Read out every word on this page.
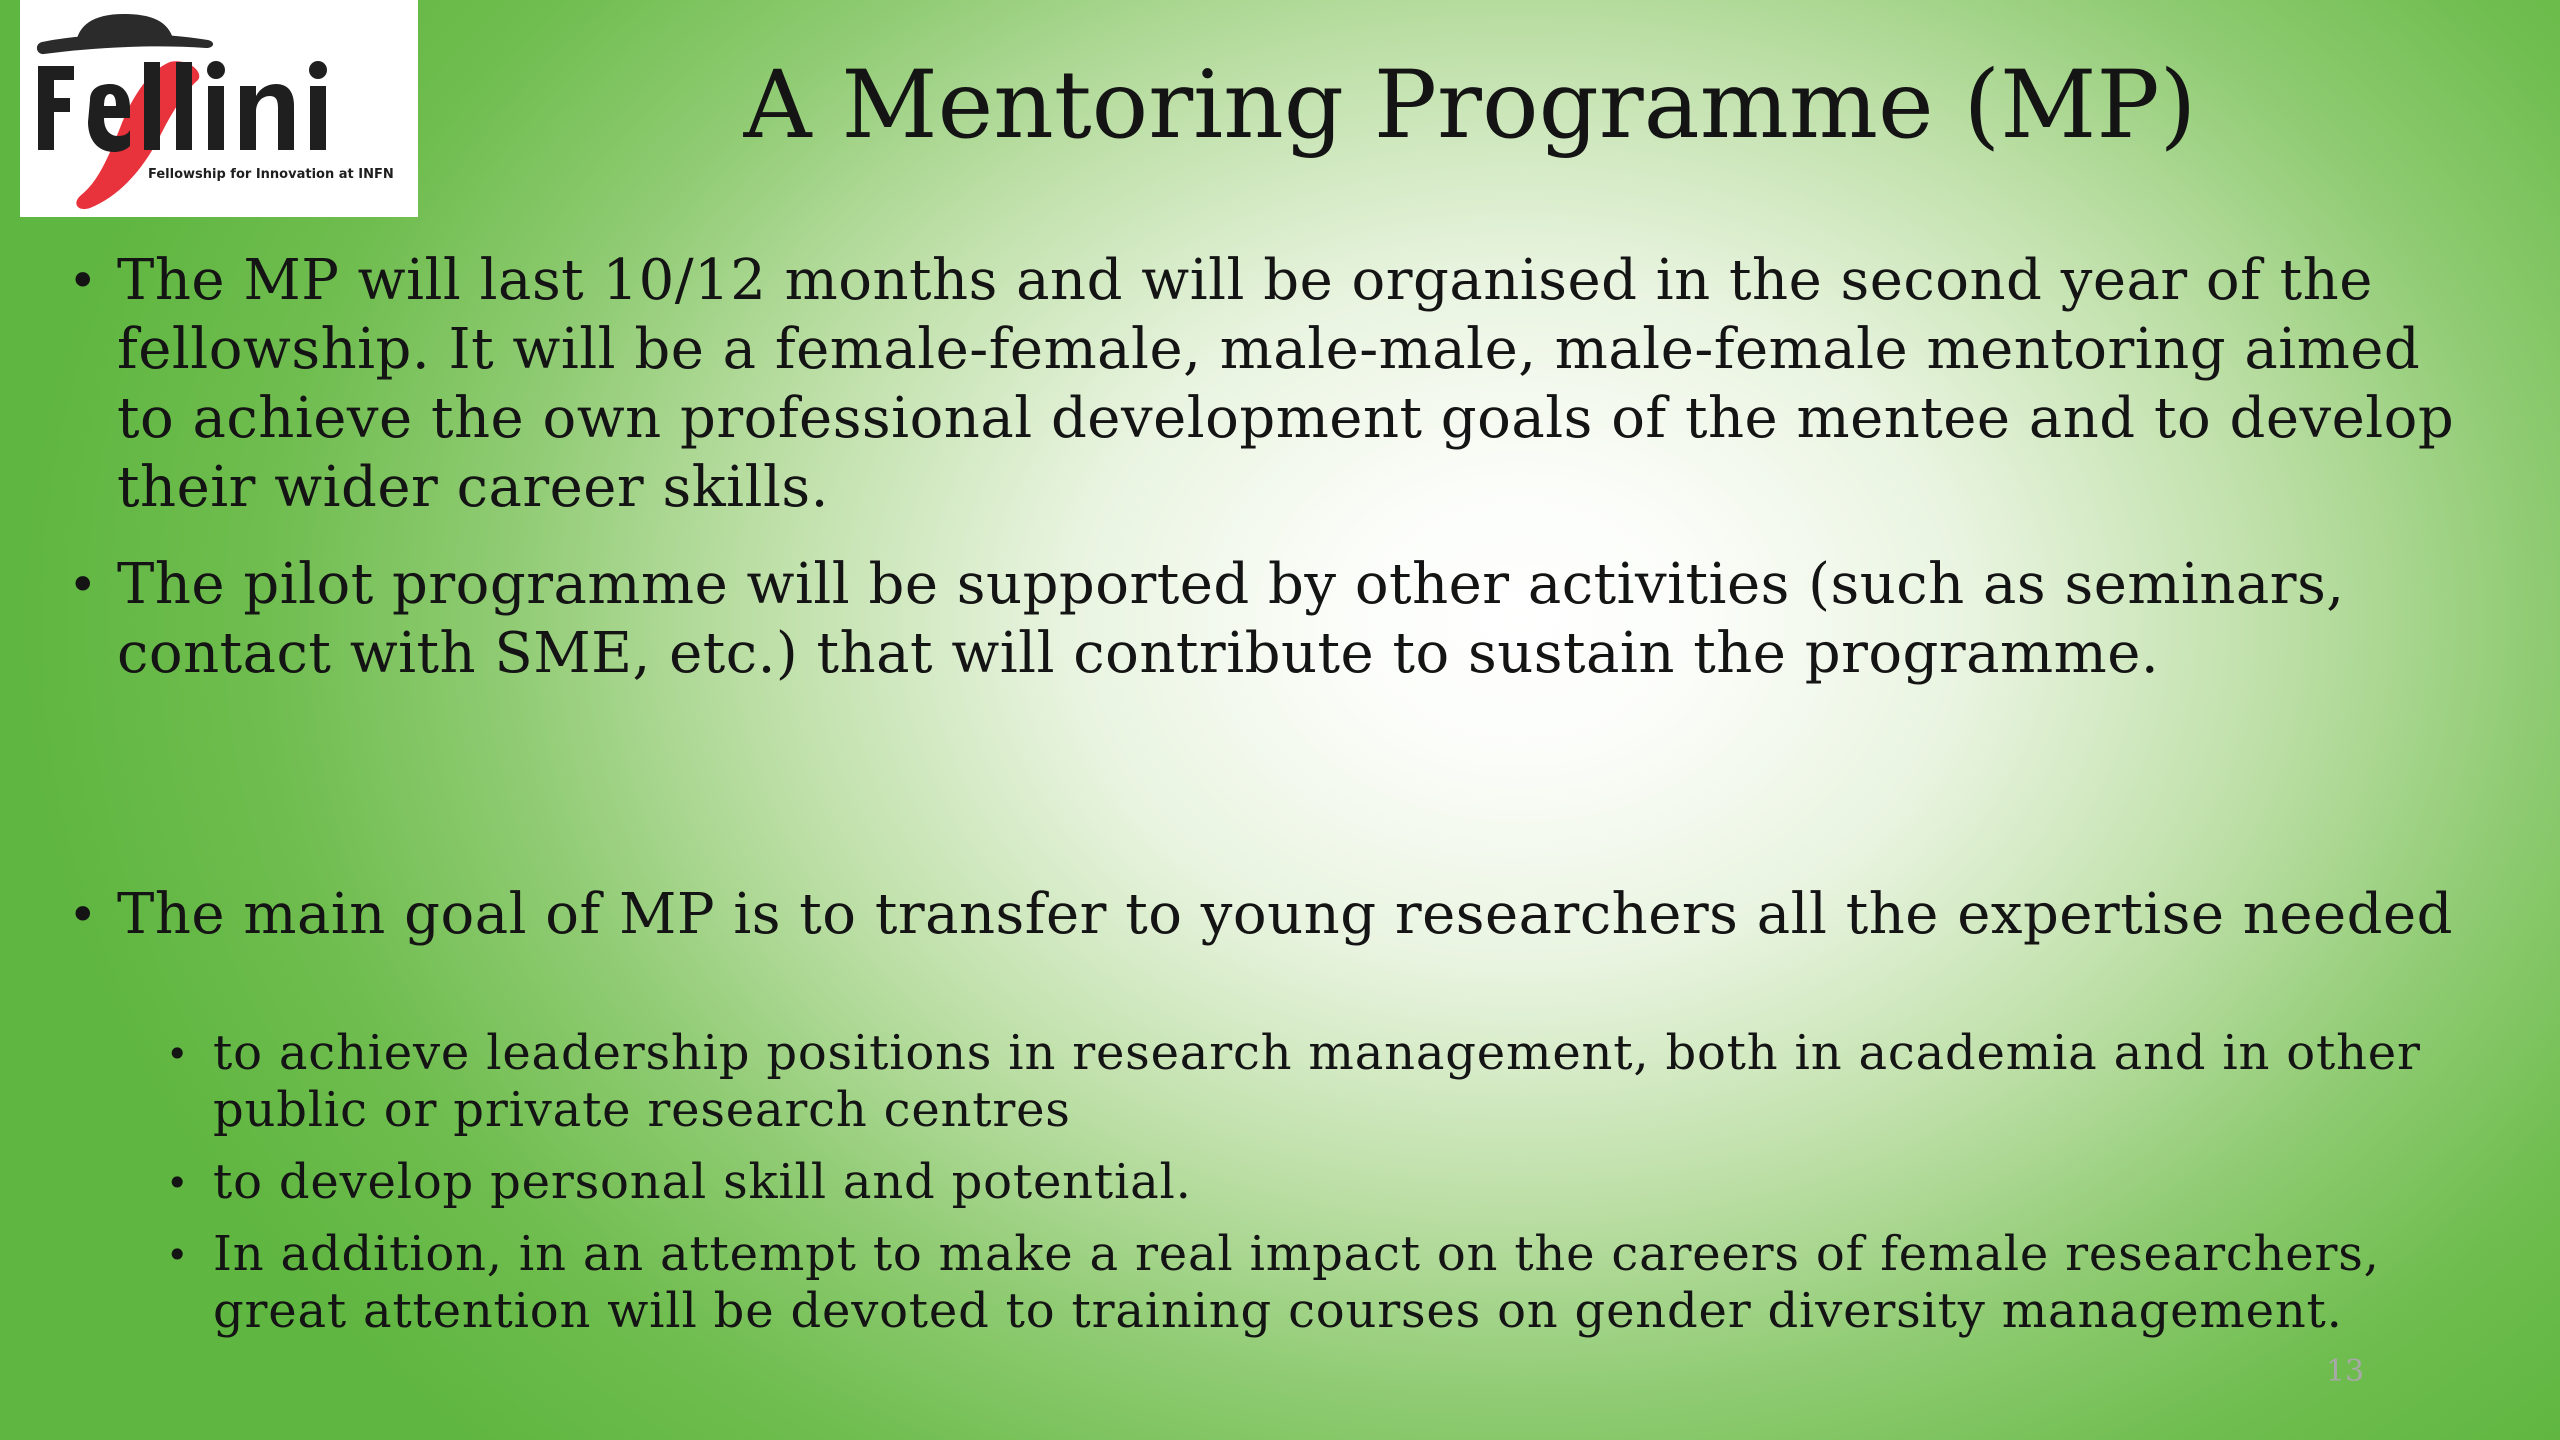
Fellowship for Innovation at INFN
A Mentoring Programme (MP)
• The MP will last 10/12 months and will be organised in the second year of the fellowship. It will be a female-female, male-male, male-female mentoring aimed to achieve the own professional development goals of the mentee and to develop their wider career skills.
• The pilot programme will be supported by other activities (such as seminars, contact with SME, etc.) that will contribute to sustain the programme.
• The main goal of MP is to transfer to young researchers all the expertise needed
• to achieve leadership positions in research management, both in academia and in other public or private research centres
• to develop personal skill and potential.
• In addition, in an attempt to make a real impact on the careers of female researchers, great attention will be devoted to training courses on gender diversity management.
13
